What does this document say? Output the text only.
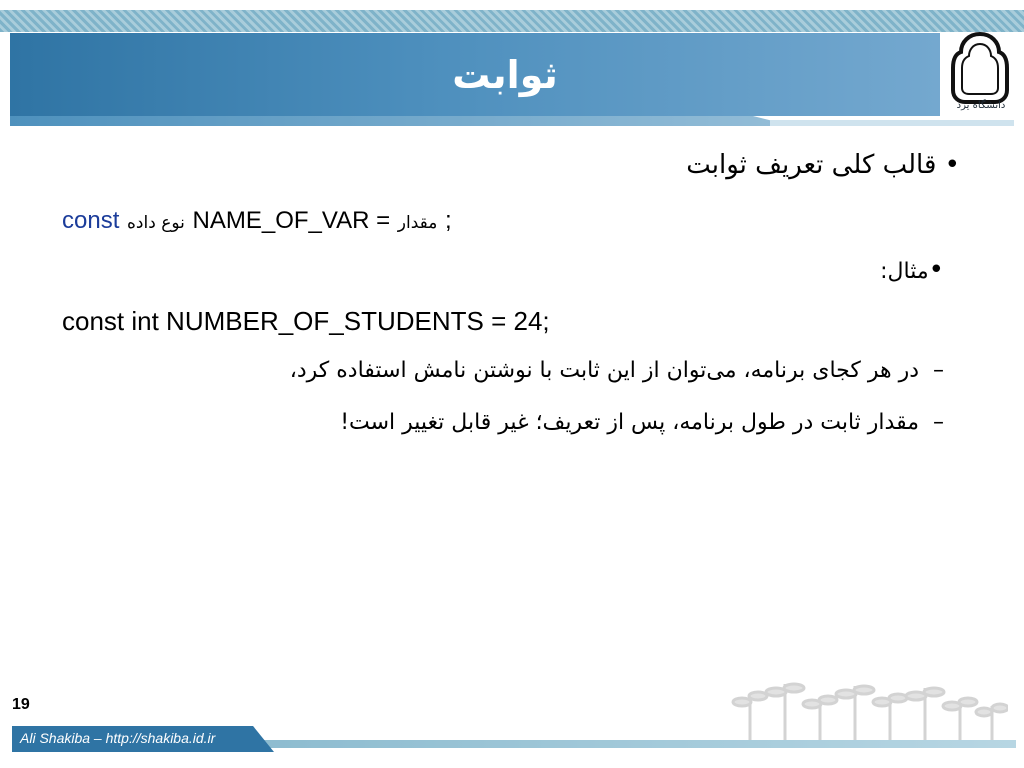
ثوابت
دانشگاه یزد
• قالب کلی تعریف ثوابت
const نوع داده NAME_OF_VAR = مقدار ;
•مثال:
const int NUMBER_OF_STUDENTS = 24;
–در هر کجای برنامه، می‌توان از این ثابت با نوشتن نامش استفاده کرد،
–مقدار ثابت در طول برنامه، پس از تعریف؛ غیر قابل تغییر است!
19
Ali Shakiba – http://shakiba.id.ir
